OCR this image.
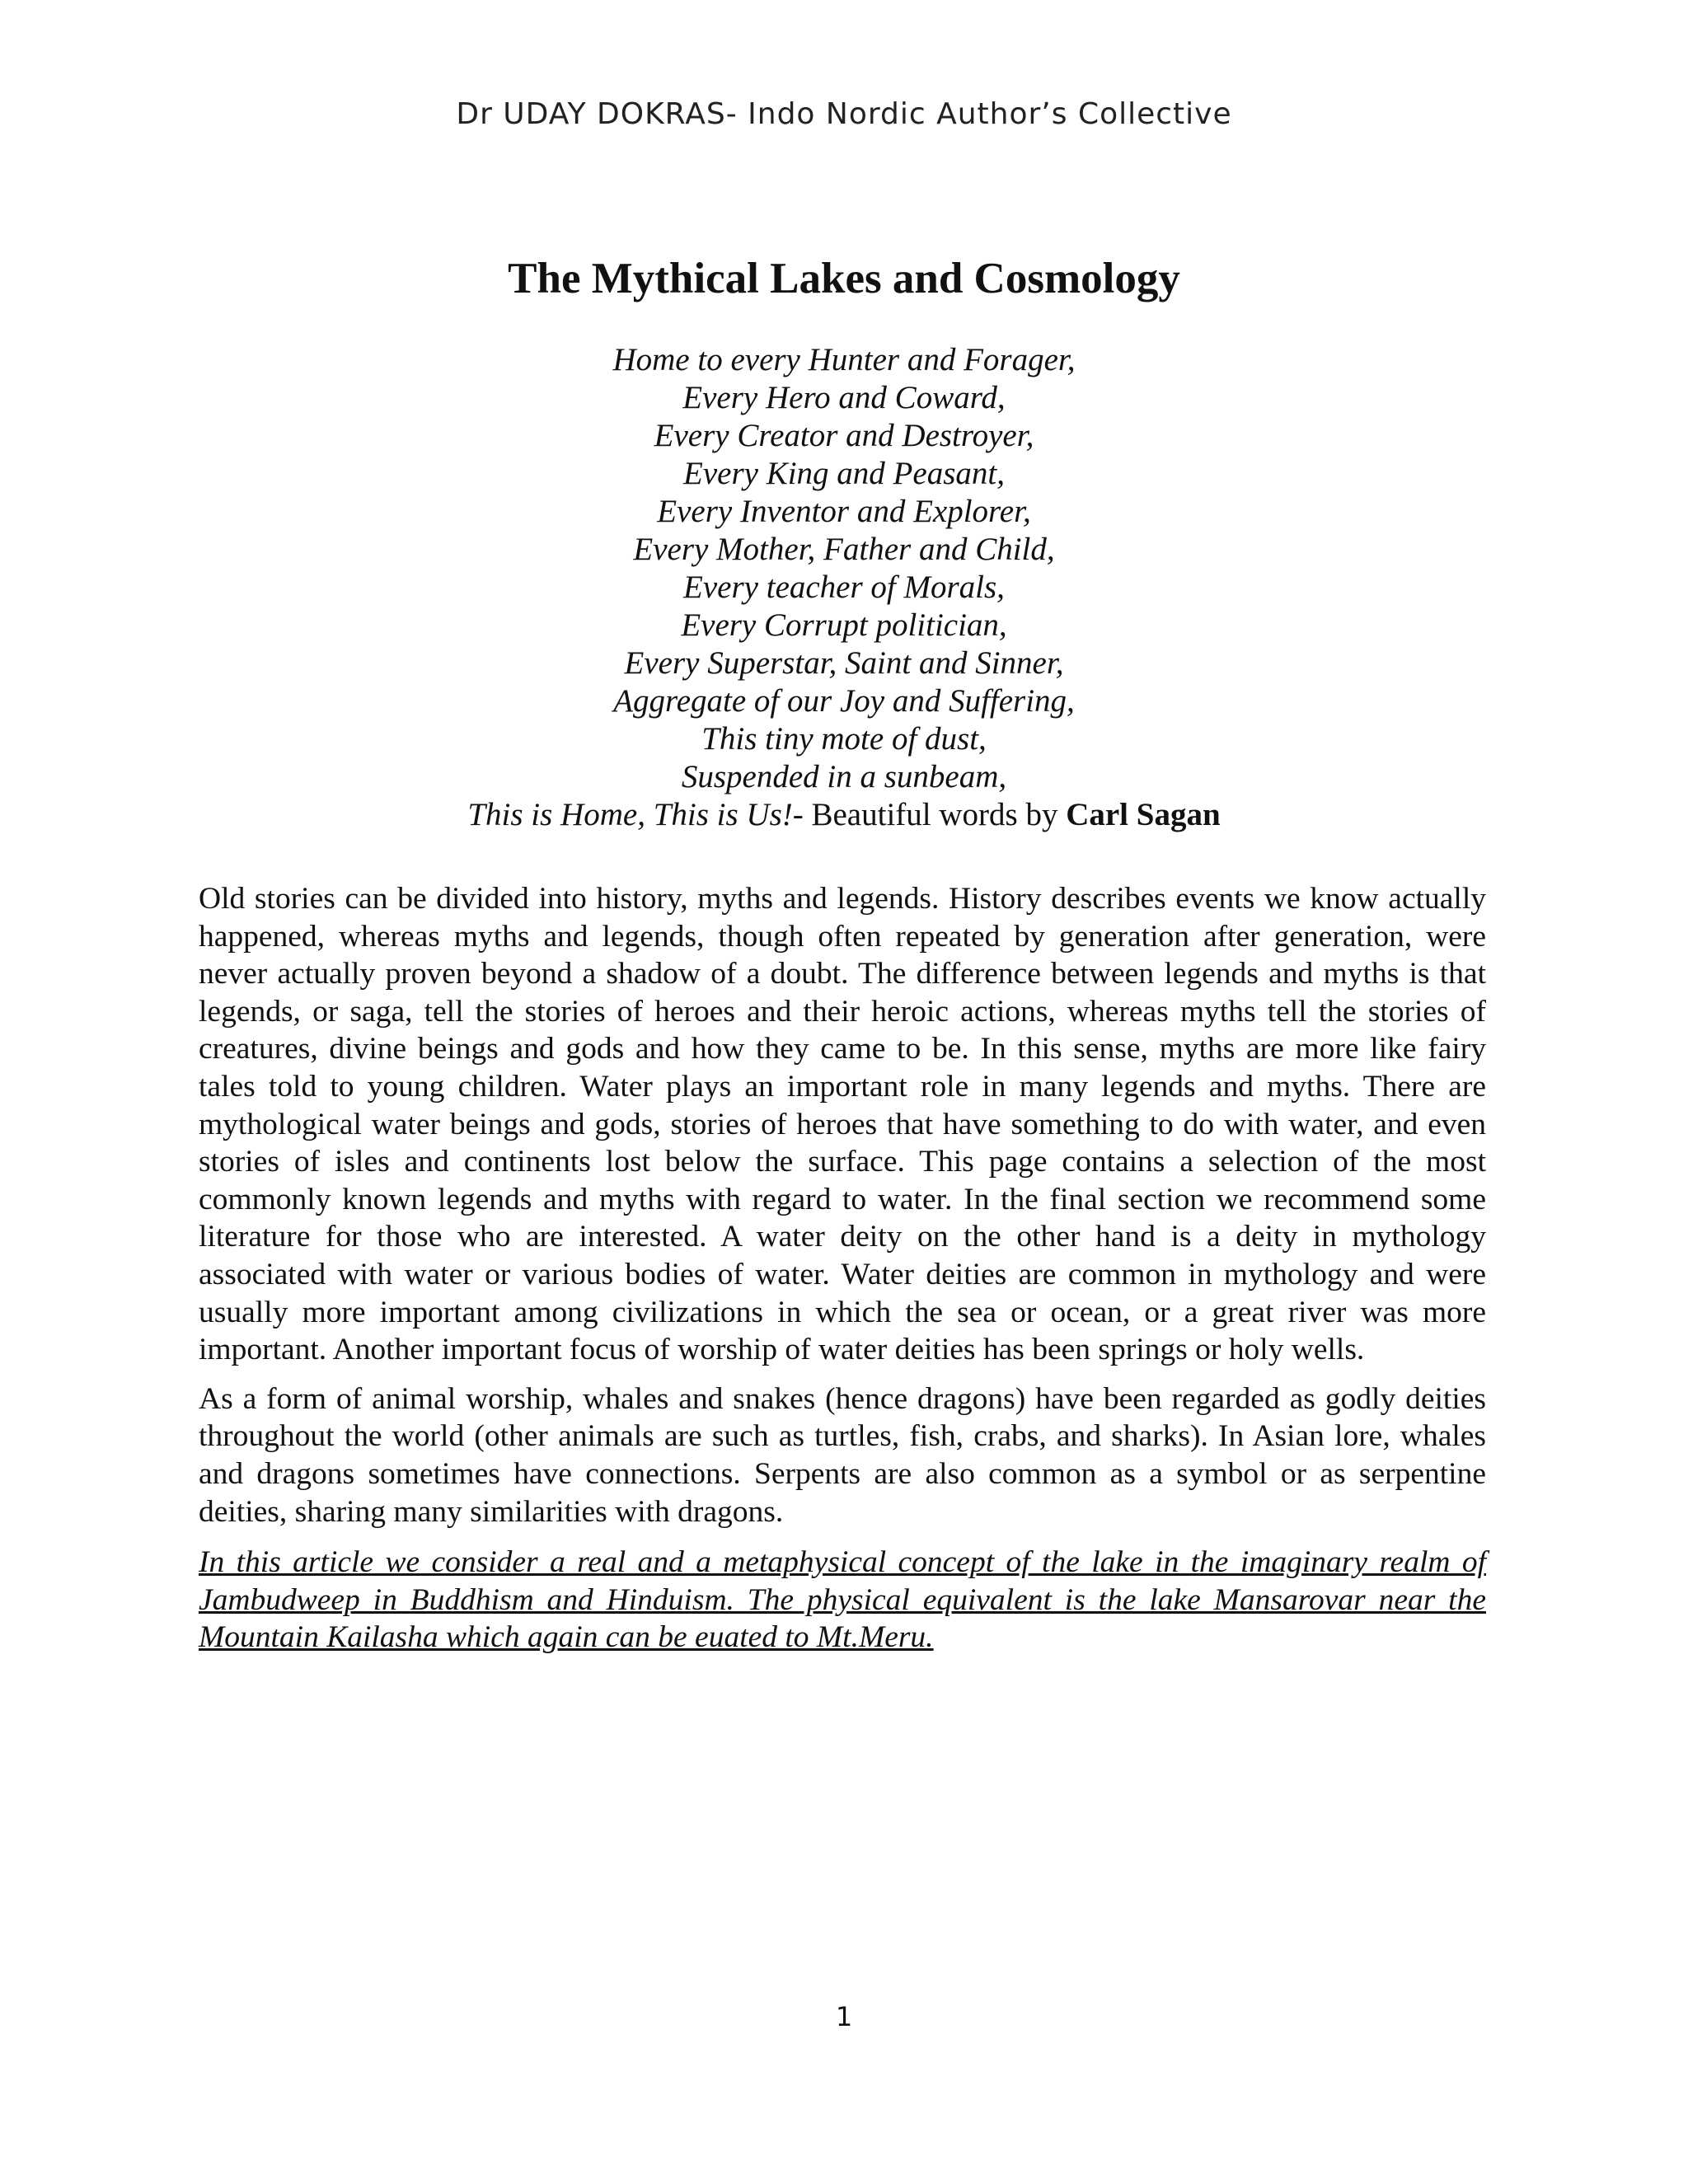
Dr UDAY DOKRAS- Indo Nordic Author’s Collective
The Mythical Lakes and Cosmology
Home to every Hunter and Forager,
Every Hero and Coward,
Every Creator and Destroyer,
Every King and Peasant,
Every Inventor and Explorer,
Every Mother, Father and Child,
Every teacher of Morals,
Every Corrupt politician,
Every Superstar, Saint and Sinner,
Aggregate of our Joy and Suffering,
This tiny mote of dust,
Suspended in a sunbeam,
This is Home, This is Us!- Beautiful words by Carl Sagan

Old stories can be divided into history, myths and legends. History describes events we know actually happened, whereas myths and legends, though often repeated by generation after generation, were never actually proven beyond a shadow of a doubt. The difference between legends and myths is that legends, or saga, tell the stories of heroes and their heroic actions, whereas myths tell the stories of creatures, divine beings and gods and how they came to be. In this sense, myths are more like fairy tales told to young children. Water plays an important role in many legends and myths. There are mythological water beings and gods, stories of heroes that have something to do with water, and even stories of isles and continents lost below the surface. This page contains a selection of the most commonly known legends and myths with regard to water. In the final section we recommend some literature for those who are interested. A water deity on the other hand is a deity in mythology associated with water or various bodies of water. Water deities are common in mythology and were usually more important among civilizations in which the sea or ocean, or a great river was more important. Another important focus of worship of water deities has been springs or holy wells.

As a form of animal worship, whales and snakes (hence dragons) have been regarded as godly deities throughout the world (other animals are such as turtles, fish, crabs, and sharks). In Asian lore, whales and dragons sometimes have connections. Serpents are also common as a symbol or as serpentine deities, sharing many similarities with dragons.

In this article we consider a real and a metaphysical concept of the lake in the imaginary realm of Jambudweep in Buddhism and Hinduism. The physical equivalent is the lake Mansarovar near the Mountain Kailasha which again can be euated to Mt.Meru.

1
